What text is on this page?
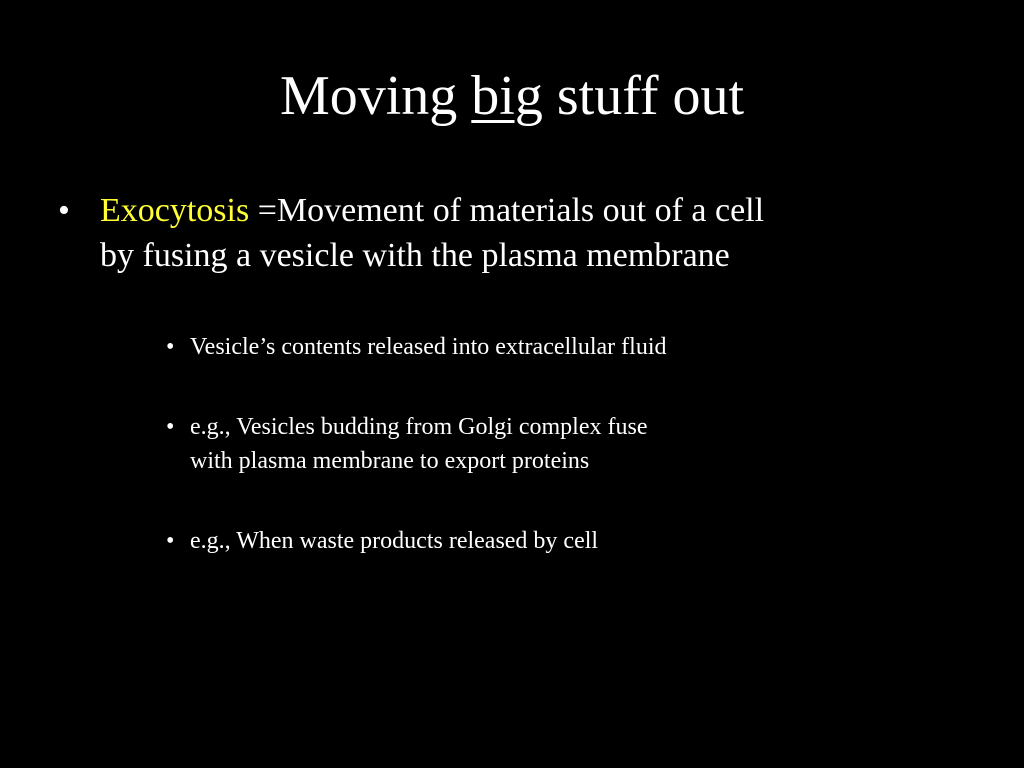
Moving big stuff out
• Exocytosis =Movement of materials out of a cell
by fusing a vesicle with the plasma membrane
• Vesicle’s contents released into extracellular fluid
• e.g., Vesicles budding from Golgi complex fuse
with plasma membrane to export proteins
• e.g., When waste products released by cell
